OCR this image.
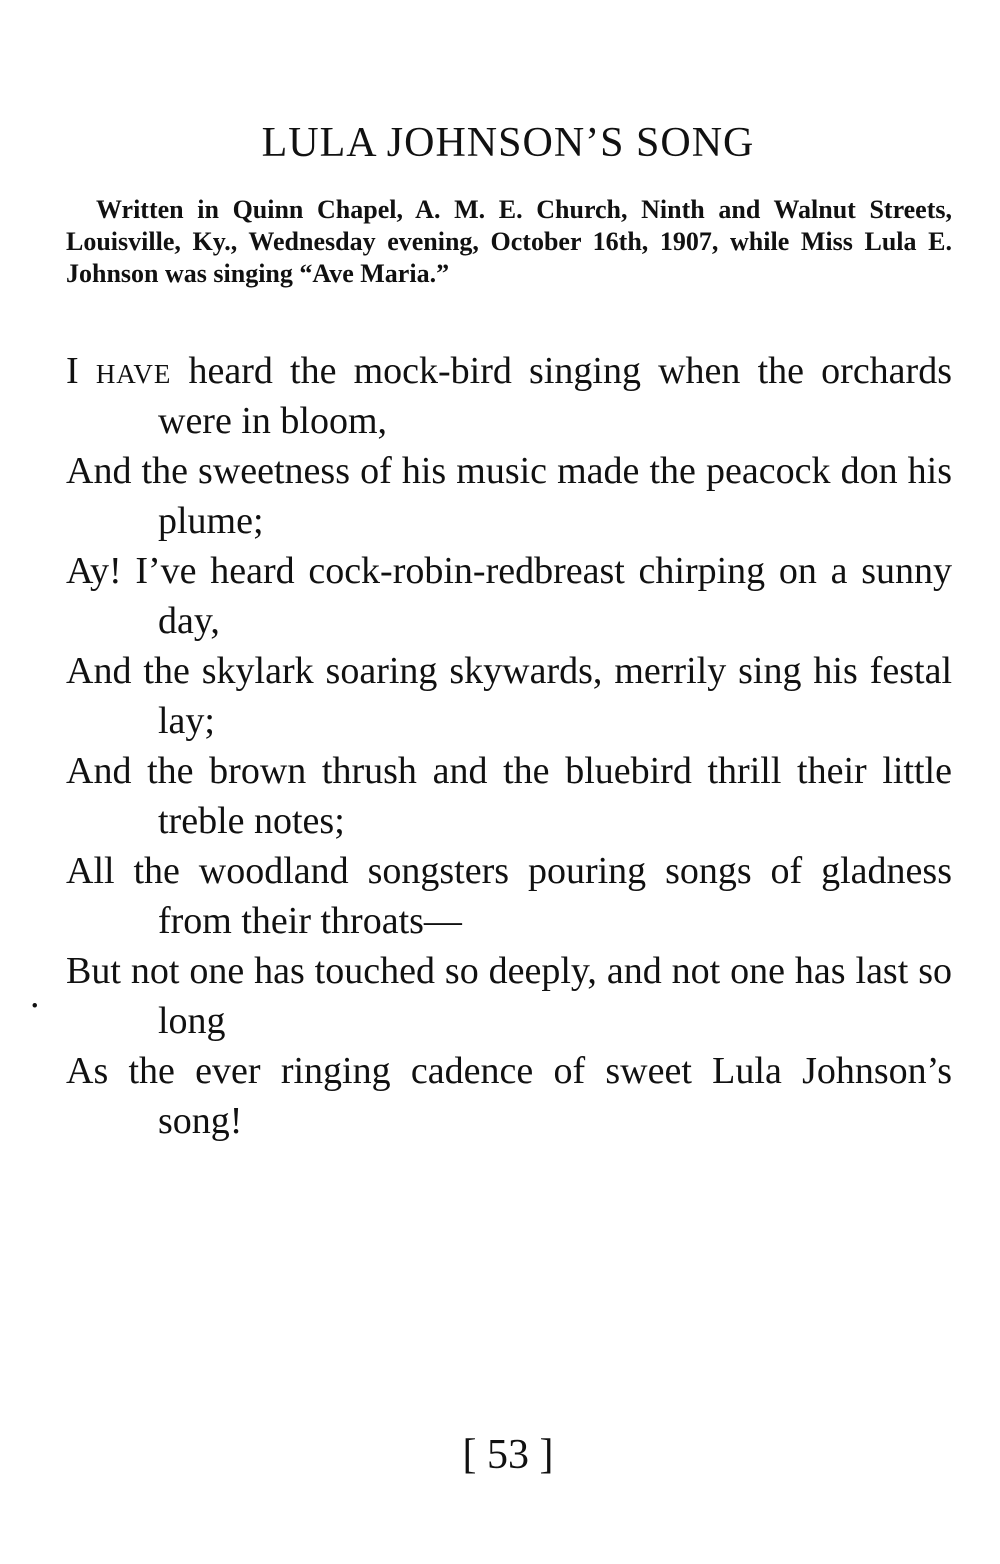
LULA JOHNSON’S SONG

Written in Quinn Chapel, A. M. E. Church, Ninth and Walnut Streets, Louisville, Ky., Wednesday evening, October 16th, 1907, while Miss Lula E. Johnson was singing “Ave Maria.”

I have heard the mock-bird singing when the orchards were in bloom,

And the sweetness of his music made the peacock don his plume;

Ay! I’ve heard cock-robin-redbreast chirping on a sunny day,

And the skylark soaring skywards, merrily sing his festal lay;

And the brown thrush and the bluebird thrill their little treble notes;

All the woodland songsters pouring songs of gladness from their throats—

But not one has touched so deeply, and not one has last so long

As the ever ringing cadence of sweet Lula Johnson’s song!

.

[ 53 ]
